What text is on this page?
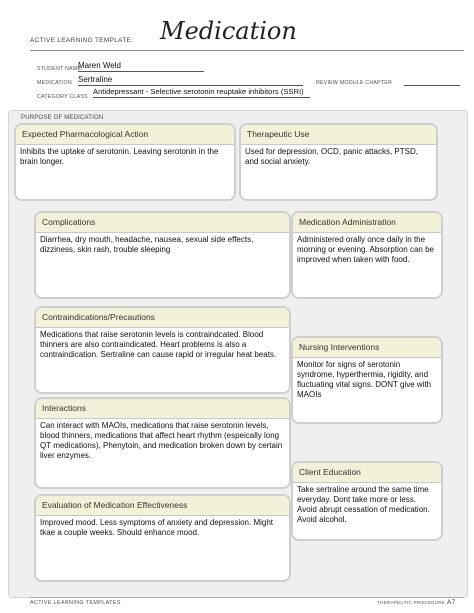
ACTIVE LEARNING TEMPLATE: Medication
STUDENT NAME
Maren Weld
MEDICATION Sertraline	REVIEW MODULE CHAPTER
CATEGORY CLASS
Antidepressant - Selective serotonin reuptake inhibitors (SSRI)
PURPOSE OF MEDICATION
Expected Pharmacological Action
Inhibits the uptake of serotonin. Leaving serotonin in the brain longer.
Therapeutic Use
Used for depression, OCD, panic attacks, PTSD, and social anxiety.
Complications
Diarrhea, dry mouth, headache, nausea, sexual side effects, dizziness, skin rash, trouble sleeping
Medication Administration
Administered orally once daily in the morning or evening. Absorption can be improved when taken with food.
Contraindications/Precautions
Medications that raise serotonin levels is contraindcated. Blood thinners are also contraindicated. Heart problems is also a contraindication. Sertraline can cause rapid or irregular heat beats.
Nursing Interventions
Monitor for signs of serotonin syndrome, hyperthermia, rigidity, and fluctuating vital signs. DONT give with MAOIs
Interactions
Can interact with MAOIs, medications that raise serotonin levels, blood thinners, medications that affect heart rhythm (espeically long QT medications), Phenytoin, and medication broken down by certain liver enzymes.
Client Education
Take sertraline around the same time everyday. Dont take more or less. Avoid abrupt cessation of medication. Avoid alcohol.
Evaluation of Medication Effectiveness
Improved mood. Less symptoms of anxiety and depression. Might tkae a couple weeks. Should enhance mood.
ACTIVE LEARNING TEMPLATES	THERAPEUTIC PROCEDURE A7
